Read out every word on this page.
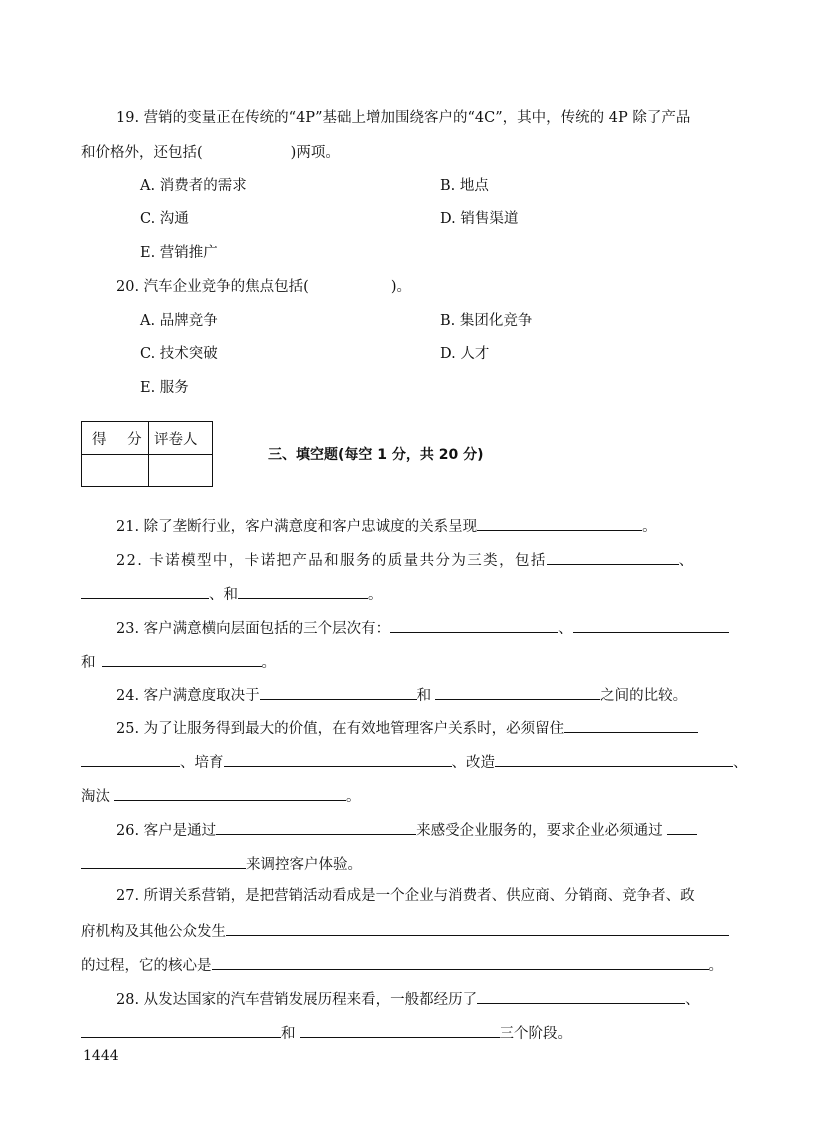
19. 营销的变量正在传统的“4P”基础上增加围绕客户的“4C”，其中，传统的 4P 除了产品
和价格外，还包括(	)两项。
A. 消费者的需求	B. 地点
C. 沟通	D. 销售渠道
E. 营销推广
20. 汽车企业竞争的焦点包括(	)。
A. 品牌竞争	B. 集团化竞争
C. 技术突破	D. 人才
E. 服务
得 分 评卷人
三、填空题(每空 1 分，共 20 分)
21. 除了垄断行业，客户满意度和客户忠诚度的关系呈现	。
22. 卡诺模型中，卡诺把产品和服务的质量共分为三类，包括	、
、和	。
23. 客户满意横向层面包括的三个层次有：	、
和	。
24. 客户满意度取决于	和	之间的比较。
25. 为了让服务得到最大的价值，在有效地管理客户关系时，必须留住
、培育	、改造	、
淘汰	。
26. 客户是通过	来感受企业服务的，要求企业必须通过
来调控客户体验。
27. 所谓关系营销，是把营销活动看成是一个企业与消费者、供应商、分销商、竞争者、政
府机构及其他公众发生
的过程，它的核心是	。
28. 从发达国家的汽车营销发展历程来看，一般都经历了	、
和	三个阶段。
1444
